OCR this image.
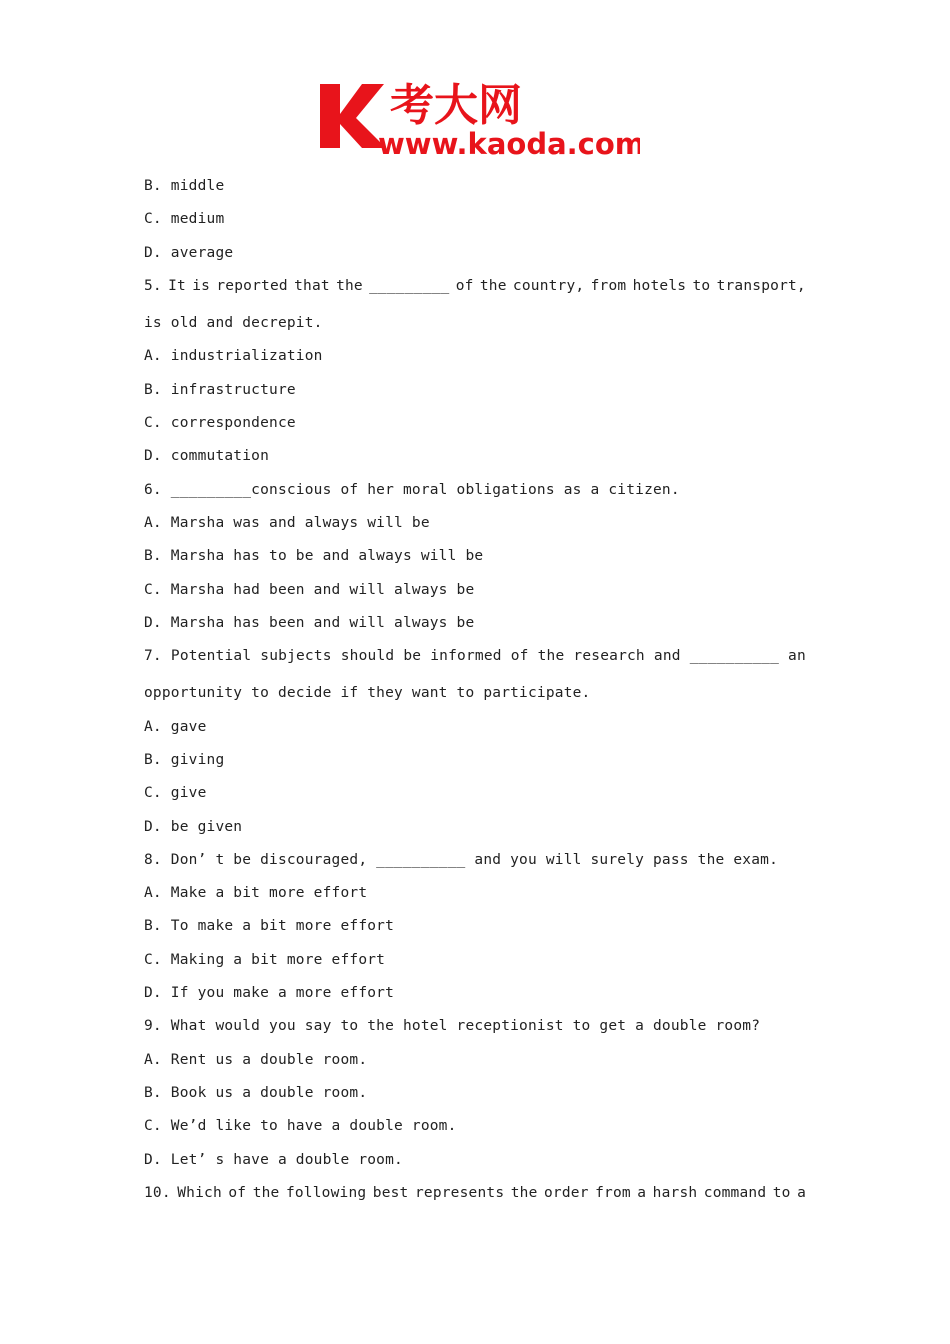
考大网
www.kaoda.com
B. middle
C. medium
D. average
5. It is reported that the _________ of the country, from hotels to transport,
is old and decrepit.
A. industrialization
B. infrastructure
C. correspondence
D. commutation
6. _________conscious of her moral obligations as a citizen.
A. Marsha was and always will be
B. Marsha has to be and always will be
C. Marsha had been and will always be
D. Marsha has been and will always be
7. Potential subjects should be informed of the research and __________ an
opportunity to decide if they want to participate.
A. gave
B. giving
C. give
D. be given
8. Don’ t be discouraged, __________ and you will surely pass the exam.
A. Make a bit more effort
B. To make a bit more effort
C. Making a bit more effort
D. If you make a more effort
9. What would you say to the hotel receptionist to get a double room?
A. Rent us a double room.
B. Book us a double room.
C. We’d like to have a double room.
D. Let’ s have a double room.
10. Which of the following best represents the order from a harsh command to a
